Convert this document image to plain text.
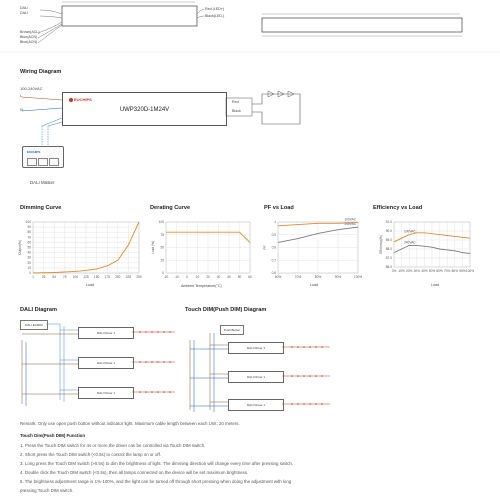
DALI
DALI
Brown(ACL)
Blue(ACN)
Blue(ACN)
Red (LED+)
Black(LED-)
Wiring Diagram
100-240VAC
L
N
EUCHIPS
UWP320D-1M24V
Red
Black
EUCHIPS
DALI Master
Dimming Curve	Derating Curve	PF vs Load	Efficiency vs Load
Load	Ambient Temperature(°C)	Load	Load
0
10
20
30
40
50
60
70
80
90
100
1 25 50 75 100 125 150 175 200 225 250
Output(%)
0
25
50
75
100
-20 -10 0 10 20 30 40 50 60
Load (%)
0.6
0.7
0.8
0.9
1
60%	70%	80%	90%	100%
PF
100VAC
240VAC
86.0
87.0
88.0
89.0
90.0
91.0
0% 10% 20% 30% 40% 50% 60% 70% 80% 90% 100%
Efficiency(%)
100VAC
240VAC
DALI Diagram	Touch DIM(Push DIM) Diagram
DALI ECM00
Push Button
DALI Driver 1
DALI Driver 1
DALI Driver 1
DALI Driver 1
DALI Driver 1
DALI Driver 1
Remark: Only use open push button without indicator light. Maximum cable length between each Unit: 20 meters.
Touch Dim(Push DIM) Function
1. Press the Touch DIM switch for 4s or more,the driver can be controlled via Touch DIM switch.
2. Short press the Touch DIM switch (<0.5s) to control the lamp on or off.
3. Long press the Touch DIM switch (>0.5s) to dim the brightness of light. The dimming direction will change every time after pressing switch.
4. Double click the Touch DIM switch (<0.5s), then all lamps connected on the device will be set maximum brightness.
5. The brightness adjustment range is 1%-100%, and the light can be turned off through short pressing when doing the adjustment with long
pressing Touch DIM switch.
